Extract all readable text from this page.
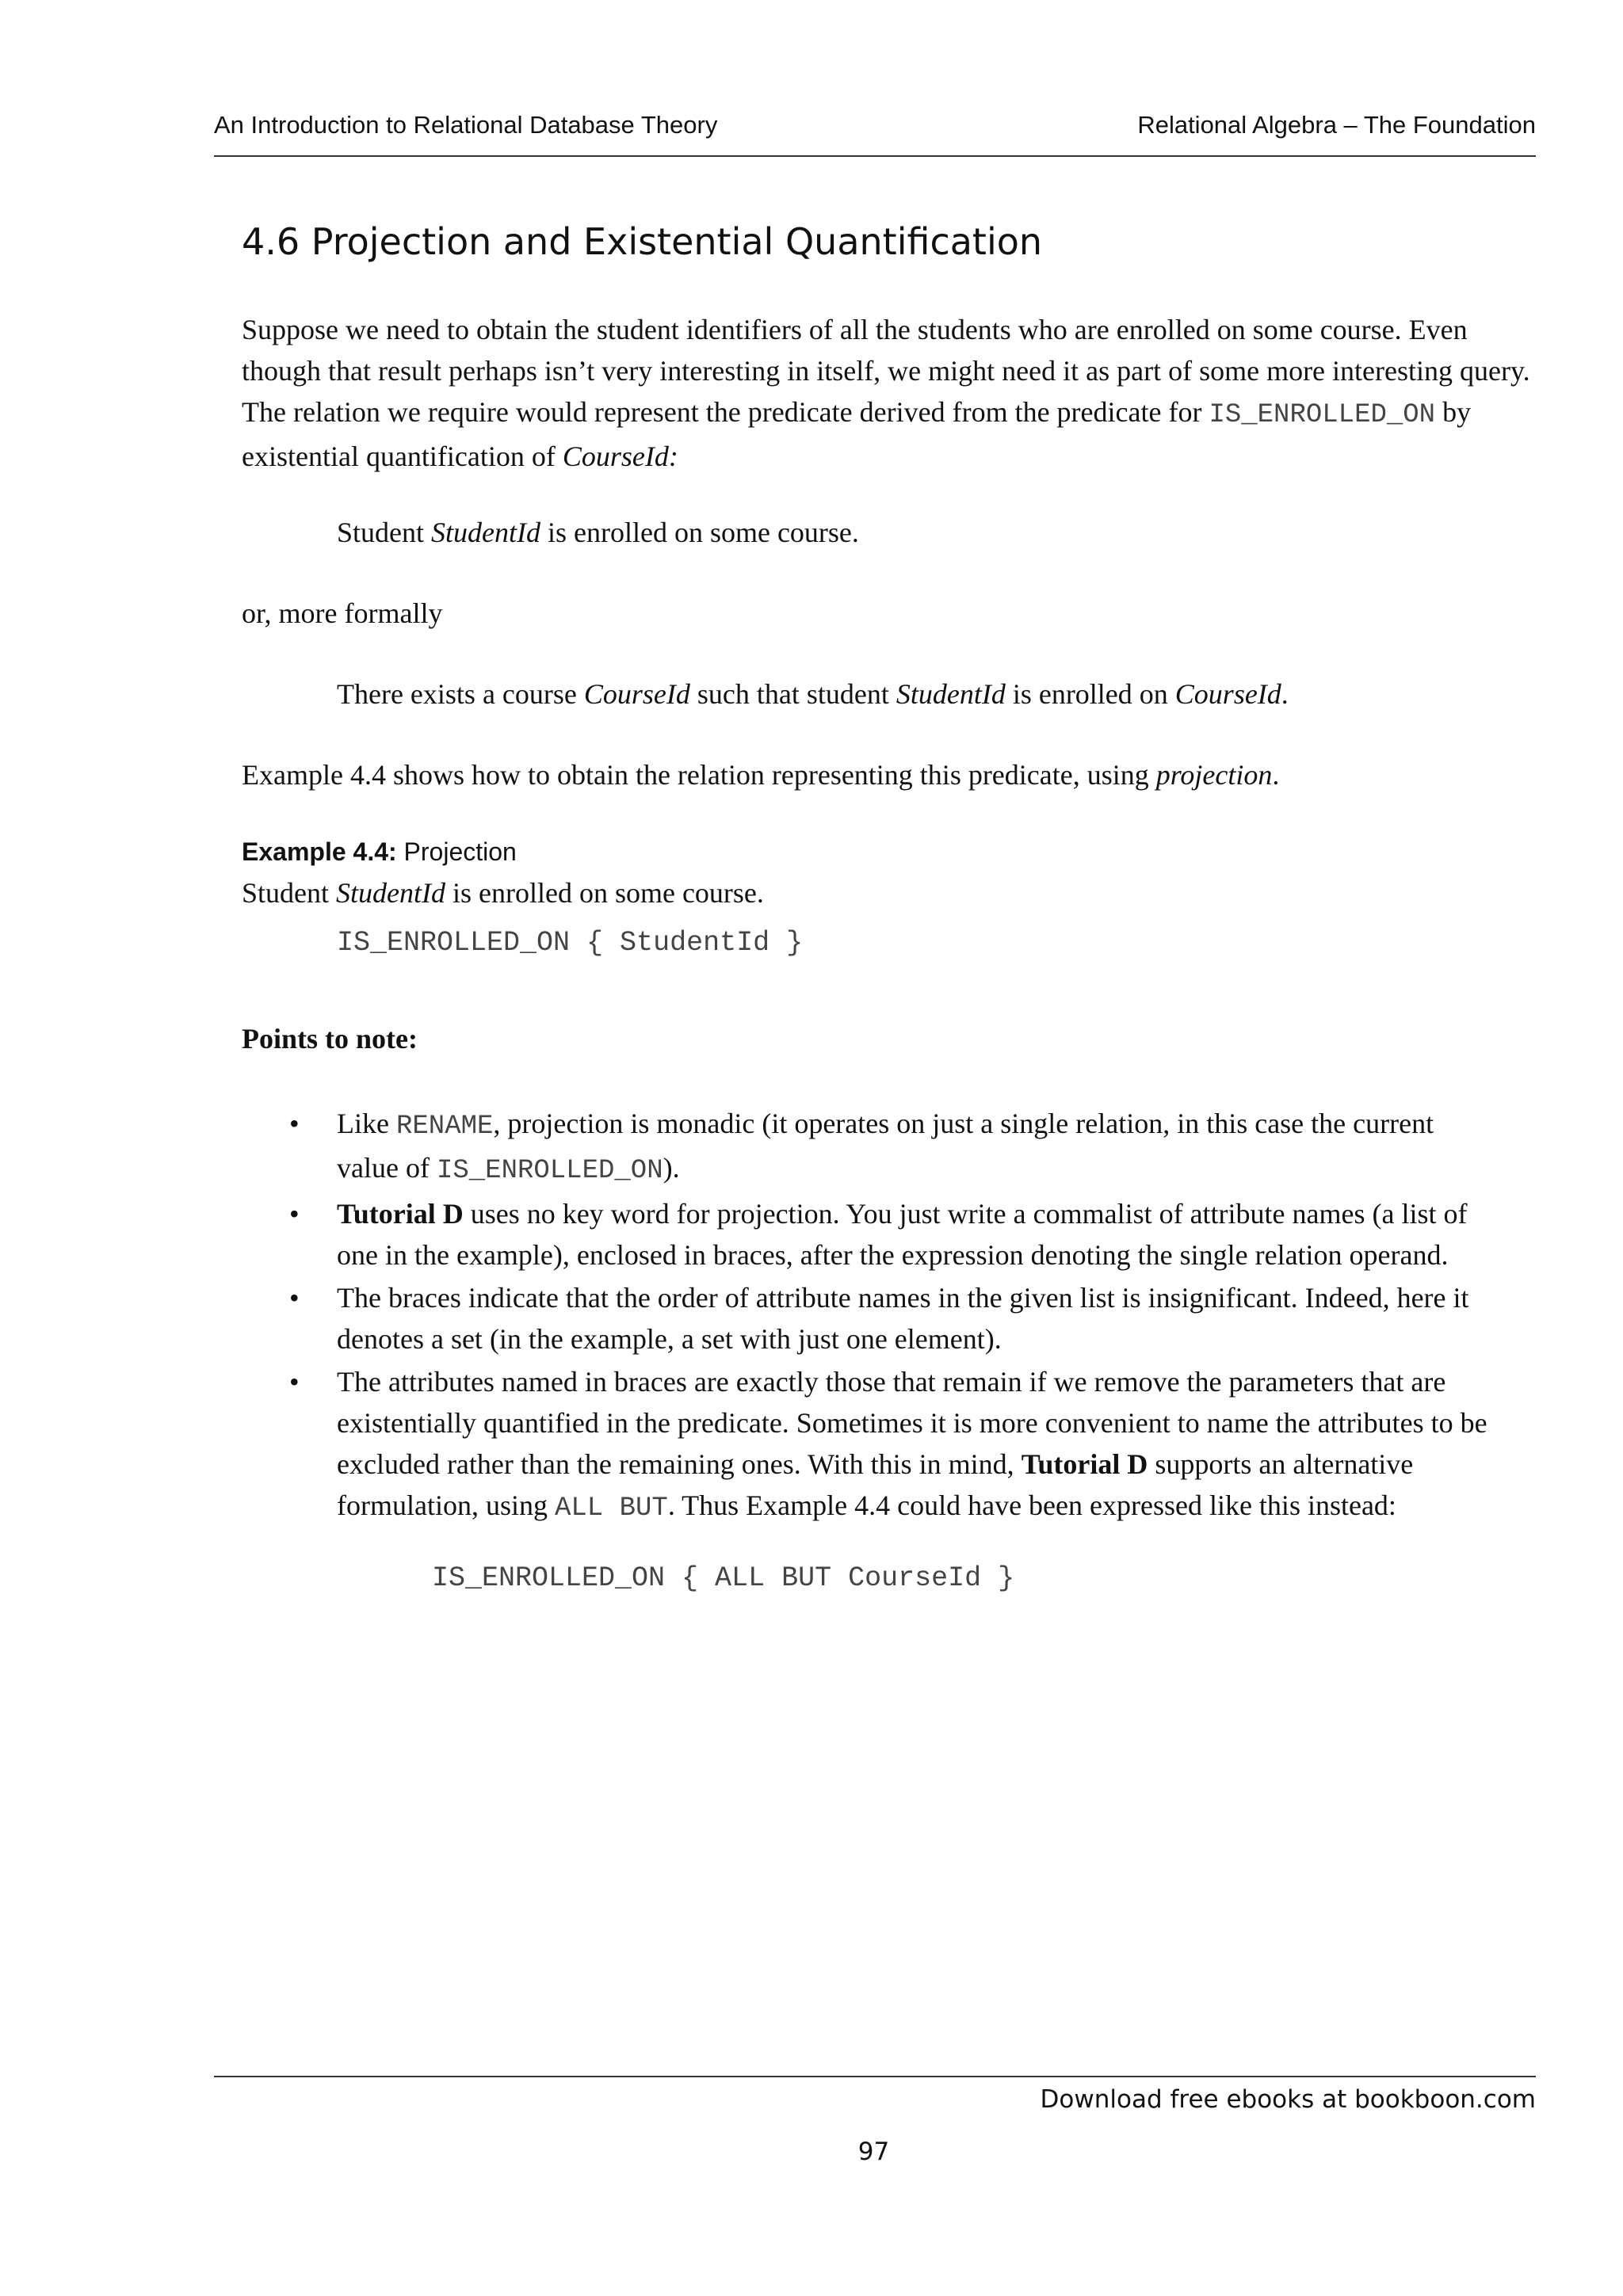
An Introduction to Relational Database Theory	Relational Algebra – The Foundation
4.6 Projection and Existential Quantification

Suppose we need to obtain the student identifiers of all the students who are enrolled on some course. Even though that result perhaps isn’t very interesting in itself, we might need it as part of some more interesting query. The relation we require would represent the predicate derived from the predicate for IS_ENROLLED_ON by existential quantification of CourseId:

Student StudentId is enrolled on some course.

or, more formally

There exists a course CourseId such that student StudentId is enrolled on CourseId.

Example 4.4 shows how to obtain the relation representing this predicate, using projection.

Example 4.4: Projection

Student StudentId is enrolled on some course.

IS_ENROLLED_ON { StudentId }
Points to note:
• Like RENAME, projection is monadic (it operates on just a single relation, in this case the current value of IS_ENROLLED_ON).
• Tutorial D uses no key word for projection. You just write a commalist of attribute names (a list of one in the example), enclosed in braces, after the expression denoting the single relation operand.
• The braces indicate that the order of attribute names in the given list is insignificant. Indeed, here it denotes a set (in the example, a set with just one element).
• The attributes named in braces are exactly those that remain if we remove the parameters that are existentially quantified in the predicate. Sometimes it is more convenient to name the attributes to be excluded rather than the remaining ones. With this in mind, Tutorial D supports an alternative formulation, using ALL BUT. Thus Example 4.4 could have been expressed like this instead:
IS_ENROLLED_ON { ALL BUT CourseId }
Download free ebooks at bookboon.com
97
